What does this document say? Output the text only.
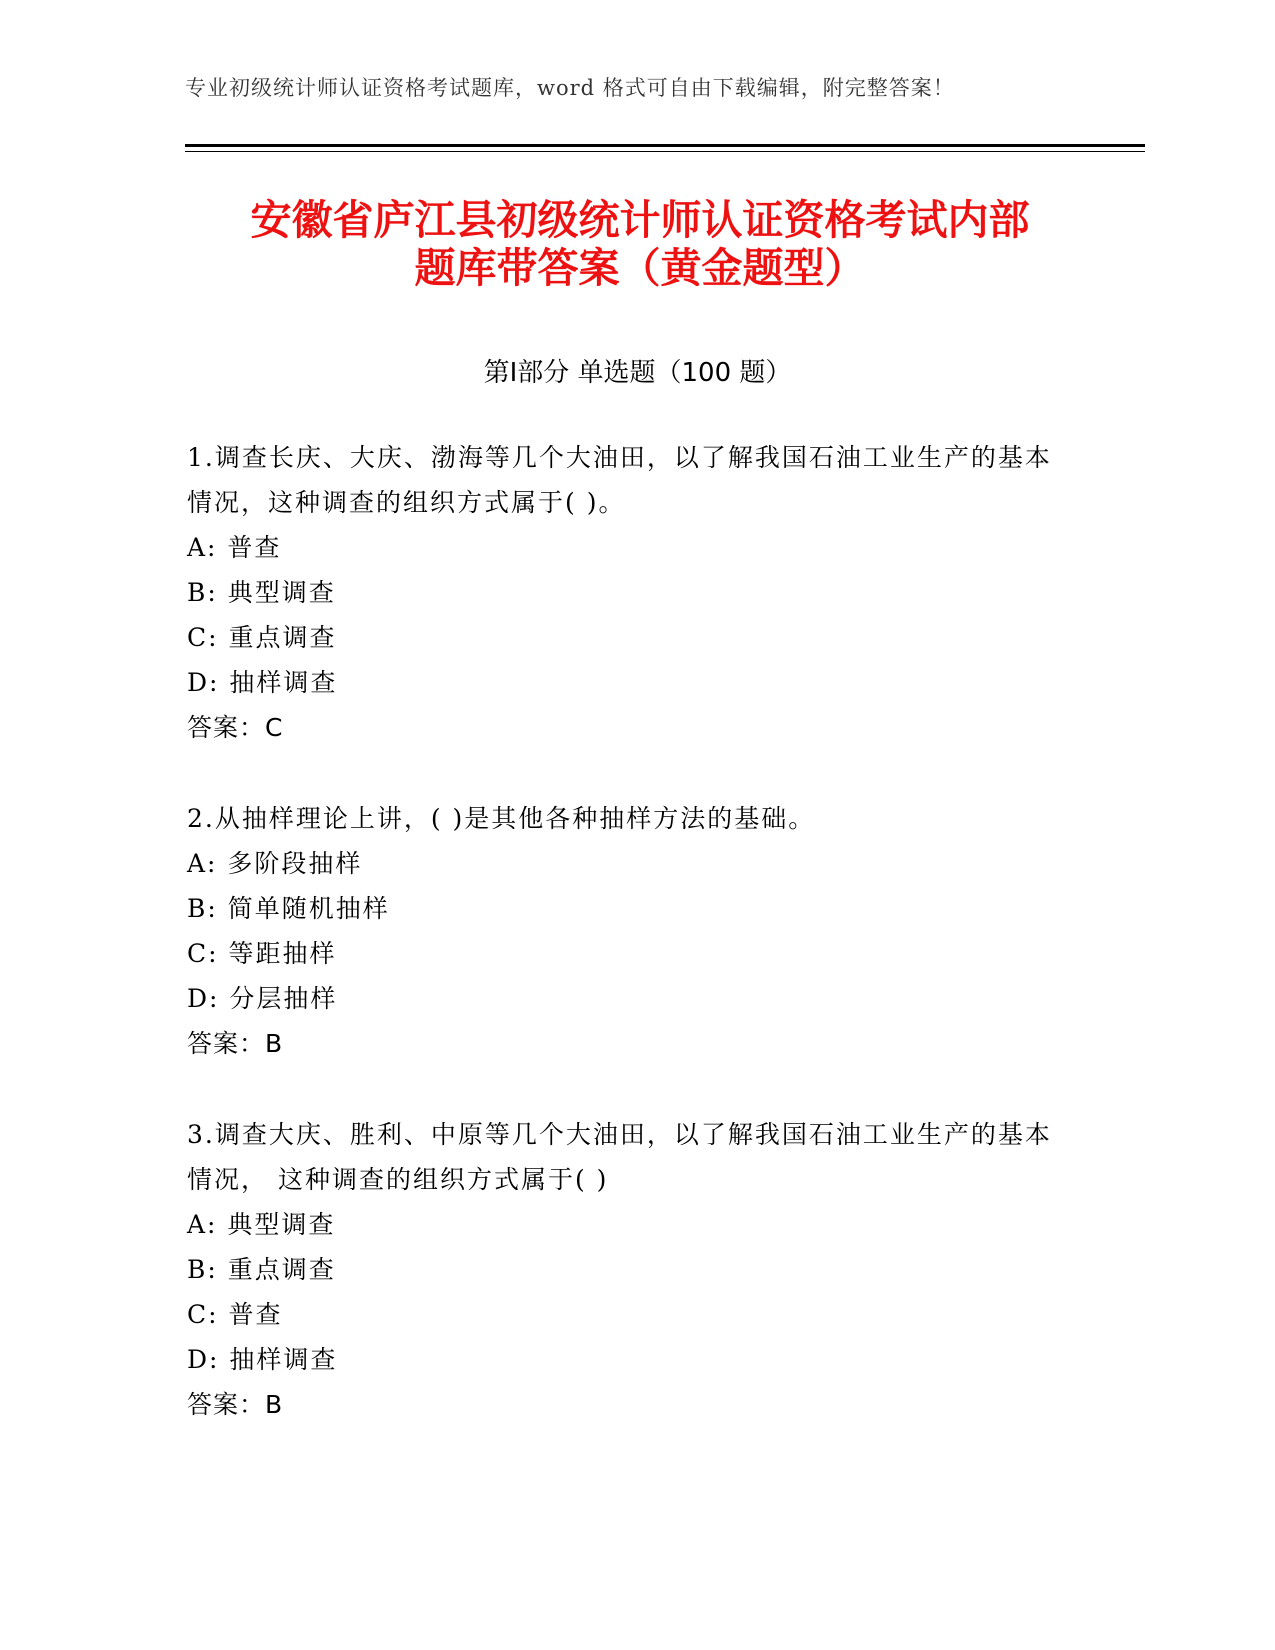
专业初级统计师认证资格考试题库，word 格式可自由下载编辑，附完整答案！
安徽省庐江县初级统计师认证资格考试内部
题库带答案（黄金题型）
第Ⅰ部分 单选题（100 题）
1.调查长庆、大庆、渤海等几个大油田，以了解我国石油工业生产的基本情况，这种调查的组织方式属于( )。
A: 普查
B: 典型调查
C: 重点调查
D: 抽样调查
答案：C
2.从抽样理论上讲，( )是其他各种抽样方法的基础。
A: 多阶段抽样
B: 简单随机抽样
C: 等距抽样
D: 分层抽样
答案：B
3.调查大庆、胜利、中原等几个大油田，以了解我国石油工业生产的基本情况， 这种调查的组织方式属于( )
A: 典型调查
B: 重点调查
C: 普查
D: 抽样调查
答案：B
